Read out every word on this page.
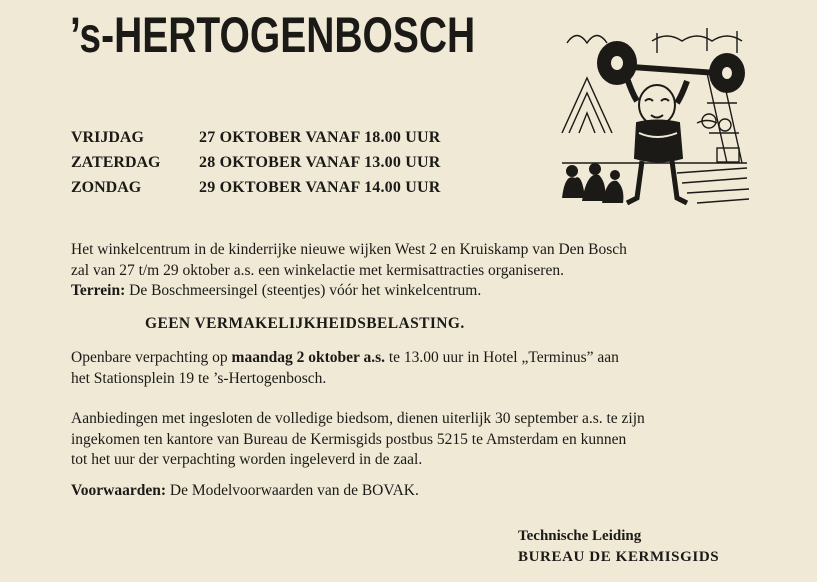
’s-HERTOGENBOSCH
VRIJDAG	27 OKTOBER VANAF 18.00 UUR
ZATERDAG	28 OKTOBER VANAF 13.00 UUR
ZONDAG	29 OKTOBER VANAF 14.00 UUR

Het winkelcentrum in de kinderrijke nieuwe wijken West 2 en Kruiskamp van Den Bosch
zal van 27 t/m 29 oktober a.s. een winkelactie met kermisattracties organiseren.
Terrein: De Boschmeersingel (steentjes) vóór het winkelcentrum.

GEEN VERMAKELIJKHEIDSBELASTING.

Openbare verpachting op maandag 2 oktober a.s. te 13.00 uur in Hotel „Terminus” aan
het Stationsplein 19 te ’s-Hertogenbosch.

Aanbiedingen met ingesloten de volledige biedsom, dienen uiterlijk 30 september a.s. te zijn
ingekomen ten kantore van Bureau de Kermisgids postbus 5215 te Amsterdam en kunnen
tot het uur der verpachting worden ingeleverd in de zaal.

Voorwaarden: De Modelvoorwaarden van de BOVAK.

Technische Leiding
BUREAU DE KERMISGIDS
